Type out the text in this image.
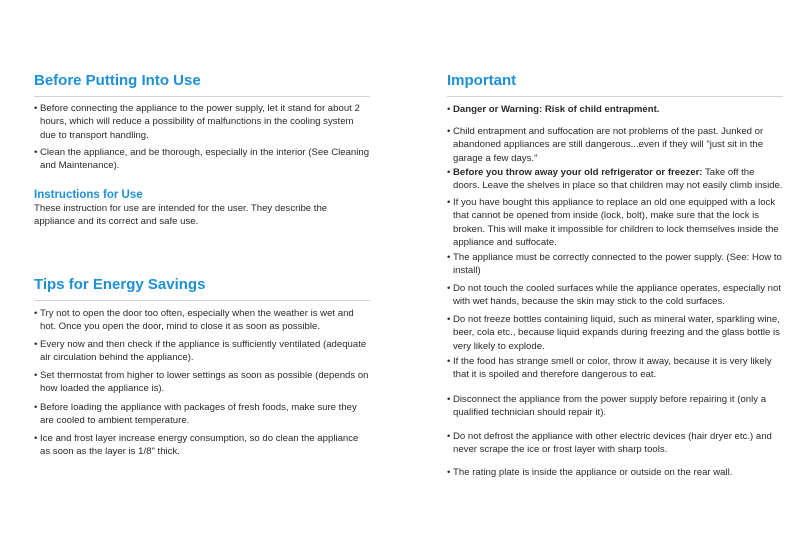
Before Putting Into Use
• Before connecting the appliance to the power supply, let it stand for about 2 hours, which will reduce a possibility of malfunctions in the cooling system due to transport handling.
• Clean the appliance, and be thorough, especially in the interior (See Cleaning and Maintenance).
Instructions for Use
These instruction for use are intended for the user. They describe the appliance and its correct and safe use.
Tips for Energy Savings
• Try not to open the door too often, especially when the weather is wet and hot. Once you open the door, mind to close it as soon as possible.
• Every now and then check if the appliance is sufficiently ventilated (adequate air circulation behind the appliance).
• Set thermostat from higher to lower settings as soon as possible (depends on how loaded the appliance is).
• Before loading the appliance with packages of fresh foods, make sure they are cooled to ambient temperature.
• Ice and frost layer increase energy consumption, so do clean the appliance as soon as the layer is 1/8" thick.
Important
• Danger or Warning: Risk of child entrapment.
• Child entrapment and suffocation are not problems of the past. Junked or abandoned appliances are still dangerous...even if they will "just sit in the garage a few days."
• Before you throw away your old refrigerator or freezer: Take off the doors. Leave the shelves in place so that children may not easily climb inside.
• If you have bought this appliance to replace an old one equipped with a lock that cannot be opened from inside (lock, bolt), make sure that the lock is broken. This will make it impossible for children to lock themselves inside the appliance and suffocate.
• The appliance must be correctly connected to the power supply. (See: How to install)
• Do not touch the cooled surfaces while the appliance operates, especially not with wet hands, because the skin may stick to the cold surfaces.
• Do not freeze bottles containing liquid, such as mineral water, sparkling wine, beer, cola etc., because liquid expands during freezing and the glass bottle is very likely to explode.
• If the food has strange smell or color, throw it away, because it is very likely that it is spoiled and therefore dangerous to eat.
• Disconnect the appliance from the power supply before repairing it (only a qualified technician should repair it).
• Do not defrost the appliance with other electric devices (hair dryer etc.) and never scrape the ice or frost layer with sharp tools.
• The rating plate is inside the appliance or outside on the rear wall.
